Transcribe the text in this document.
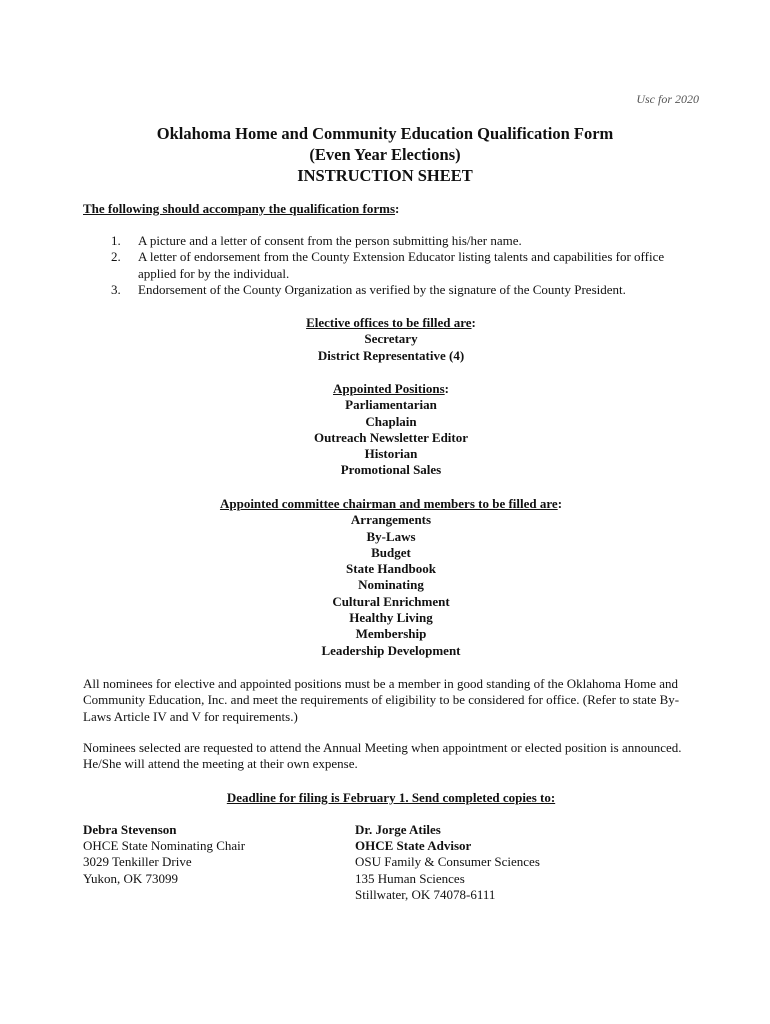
Usc for 2020
Oklahoma Home and Community Education Qualification Form
(Even Year Elections)
INSTRUCTION SHEET
The following should accompany the qualification forms:
1. A picture and a letter of consent from the person submitting his/her name.
2. A letter of endorsement from the County Extension Educator listing talents and capabilities for office applied for by the individual.
3. Endorsement of the County Organization as verified by the signature of the County President.
Elective offices to be filled are:
Secretary
District Representative (4)
Appointed Positions:
Parliamentarian
Chaplain
Outreach Newsletter Editor
Historian
Promotional Sales
Appointed committee chairman and members to be filled are:
Arrangements
By-Laws
Budget
State Handbook
Nominating
Cultural Enrichment
Healthy Living
Membership
Leadership Development

All nominees for elective and appointed positions must be a member in good standing of the Oklahoma Home and Community Education, Inc. and meet the requirements of eligibility to be considered for office. (Refer to state By-Laws Article IV and V for requirements.)

Nominees selected are requested to attend the Annual Meeting when appointment or elected position is announced. He/She will attend the meeting at their own expense.

Deadline for filing is February 1. Send completed copies to:
Debra Stevenson
OHCE State Nominating Chair
3029 Tenkiller Drive
Yukon, OK 73099
Dr. Jorge Atiles
OHCE State Advisor
OSU Family & Consumer Sciences
135 Human Sciences
Stillwater, OK 74078-6111
